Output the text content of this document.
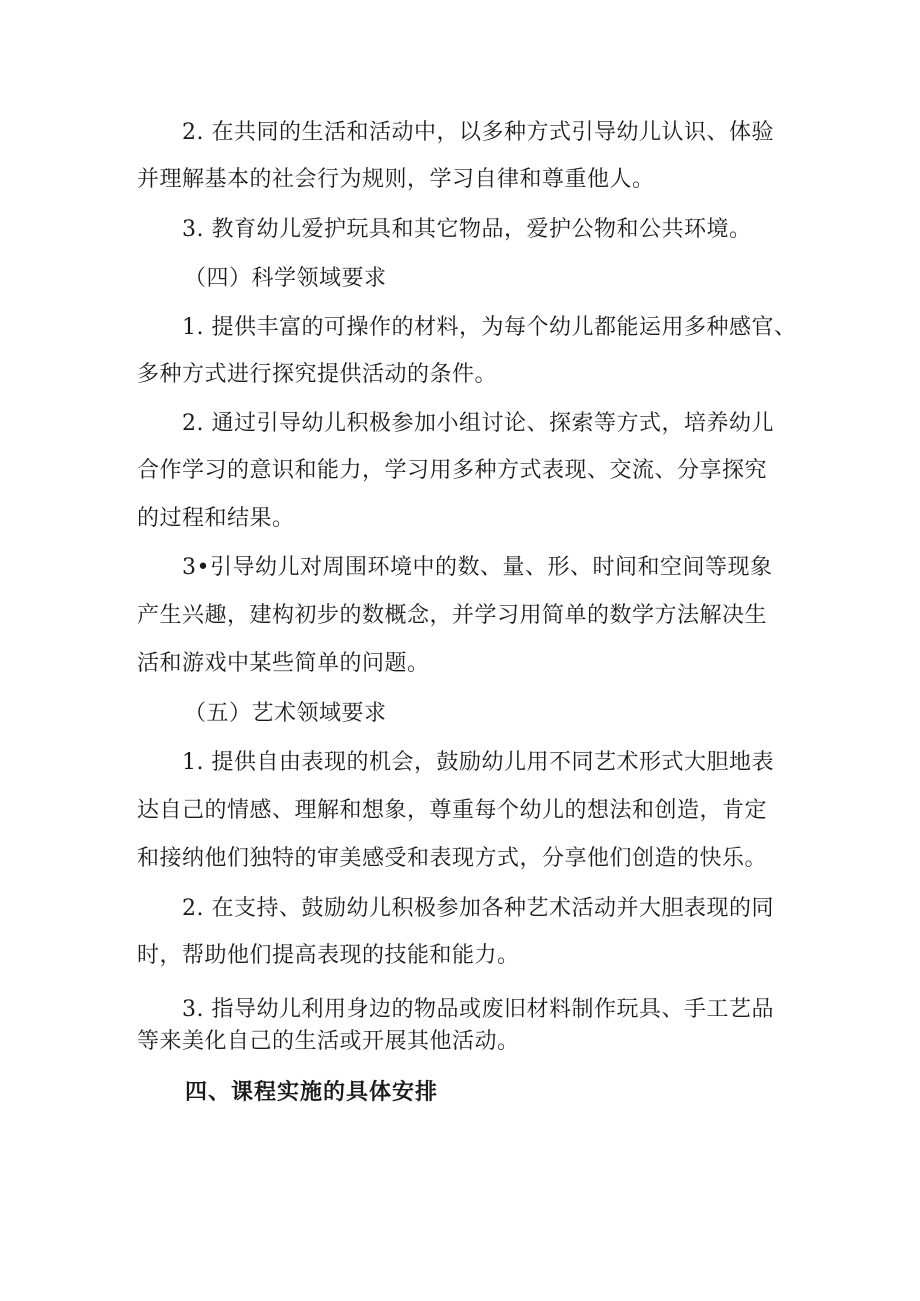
2. 在共同的生活和活动中，以多种方式引导幼儿认识、体验
并理解基本的社会行为规则，学习自律和尊重他人。
3. 教育幼儿爱护玩具和其它物品，爱护公物和公共环境。
（四）科学领域要求
1. 提供丰富的可操作的材料，为每个幼儿都能运用多种感官、
多种方式进行探究提供活动的条件。
2. 通过引导幼儿积极参加小组讨论、探索等方式，培养幼儿
合作学习的意识和能力，学习用多种方式表现、交流、分享探究
的过程和结果。
3•引导幼儿对周围环境中的数、量、形、时间和空间等现象
产生兴趣，建构初步的数概念，并学习用简单的数学方法解决生
活和游戏中某些简单的问题。
（五）艺术领域要求
1. 提供自由表现的机会，鼓励幼儿用不同艺术形式大胆地表
达自己的情感、理解和想象，尊重每个幼儿的想法和创造，肯定
和接纳他们独特的审美感受和表现方式，分享他们创造的快乐。
2. 在支持、鼓励幼儿积极参加各种艺术活动并大胆表现的同
时，帮助他们提高表现的技能和能力。
3. 指导幼儿利用身边的物品或废旧材料制作玩具、手工艺品
等来美化自己的生活或开展其他活动。
四、课程实施的具体安排
